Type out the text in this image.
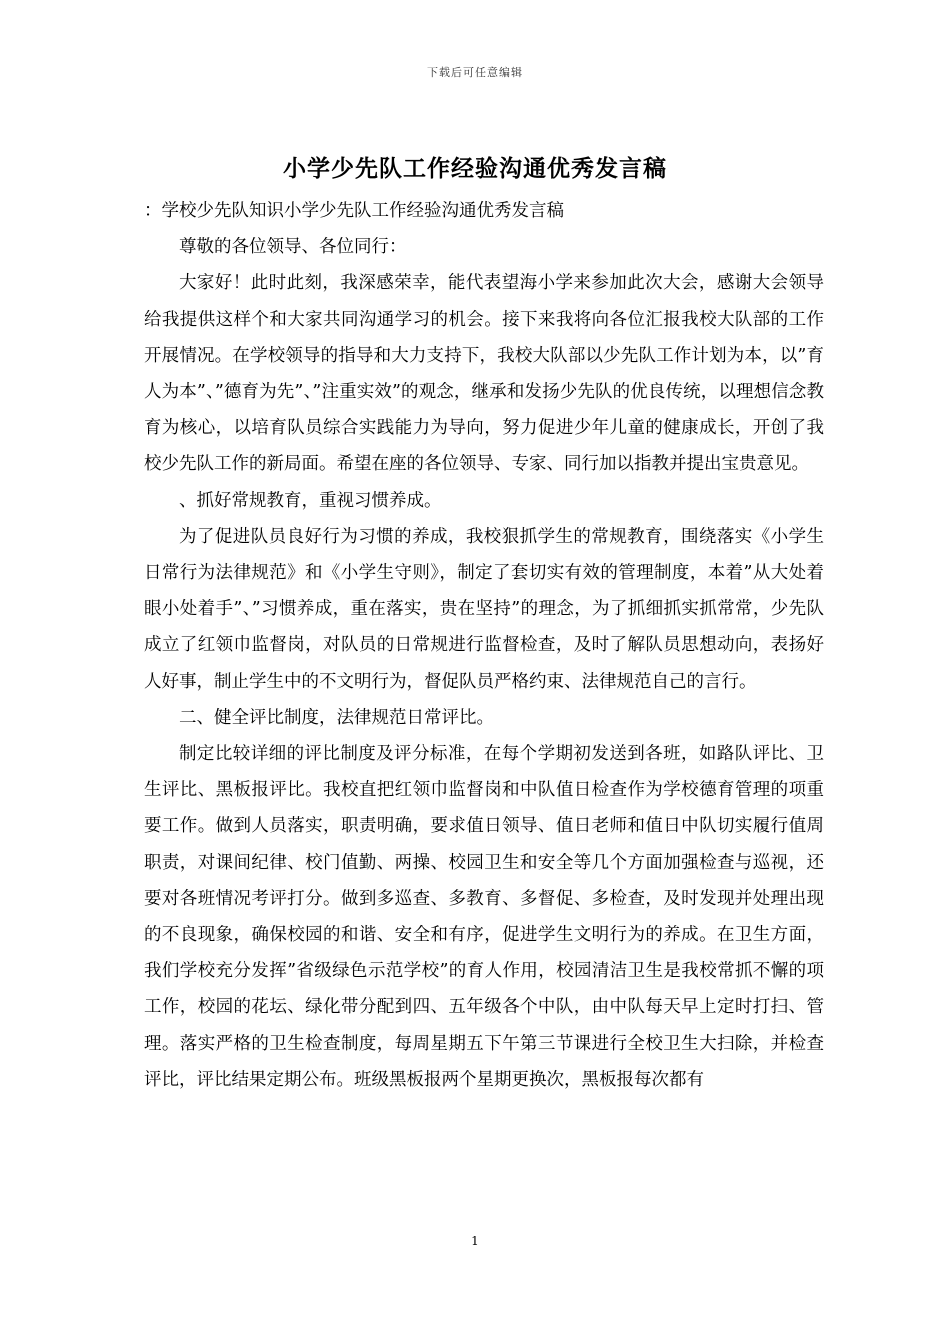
下载后可任意编辑
小学少先队工作经验沟通优秀发言稿

：学校少先队知识小学少先队工作经验沟通优秀发言稿

尊敬的各位领导、各位同行：

大家好！此时此刻，我深感荣幸，能代表望海小学来参加此次大会，感谢大会领导给我提供这样个和大家共同沟通学习的机会。接下来我将向各位汇报我校大队部的工作开展情况。在学校领导的指导和大力支持下，我校大队部以少先队工作计划为本，以”育人为本”、”德育为先”、”注重实效”的观念，继承和发扬少先队的优良传统，以理想信念教育为核心，以培育队员综合实践能力为导向，努力促进少年儿童的健康成长，开创了我校少先队工作的新局面。希望在座的各位领导、专家、同行加以指教并提出宝贵意见。

、抓好常规教育，重视习惯养成。

为了促进队员良好行为习惯的养成，我校狠抓学生的常规教育，围绕落实《小学生日常行为法律规范》和《小学生守则》，制定了套切实有效的管理制度，本着”从大处着眼小处着手”、”习惯养成，重在落实，贵在坚持”的理念，为了抓细抓实抓常常，少先队成立了红领巾监督岗，对队员的日常规进行监督检查，及时了解队员思想动向，表扬好人好事，制止学生中的不文明行为，督促队员严格约束、法律规范自己的言行。

二、健全评比制度，法律规范日常评比。

制定比较详细的评比制度及评分标准，在每个学期初发送到各班，如路队评比、卫生评比、黑板报评比。我校直把红领巾监督岗和中队值日检查作为学校德育管理的项重要工作。做到人员落实，职责明确，要求值日领导、值日老师和值日中队切实履行值周职责，对课间纪律、校门值勤、两操、校园卫生和安全等几个方面加强检查与巡视，还要对各班情况考评打分。做到多巡查、多教育、多督促、多检查，及时发现并处理出现的不良现象，确保校园的和谐、安全和有序，促进学生文明行为的养成。在卫生方面，我们学校充分发挥”省级绿色示范学校”的育人作用，校园清洁卫生是我校常抓不懈的项工作，校园的花坛、绿化带分配到四、五年级各个中队，由中队每天早上定时打扫、管理。落实严格的卫生检查制度，每周星期五下午第三节课进行全校卫生大扫除，并检查评比，评比结果定期公布。班级黑板报两个星期更换次，黑板报每次都有

1
